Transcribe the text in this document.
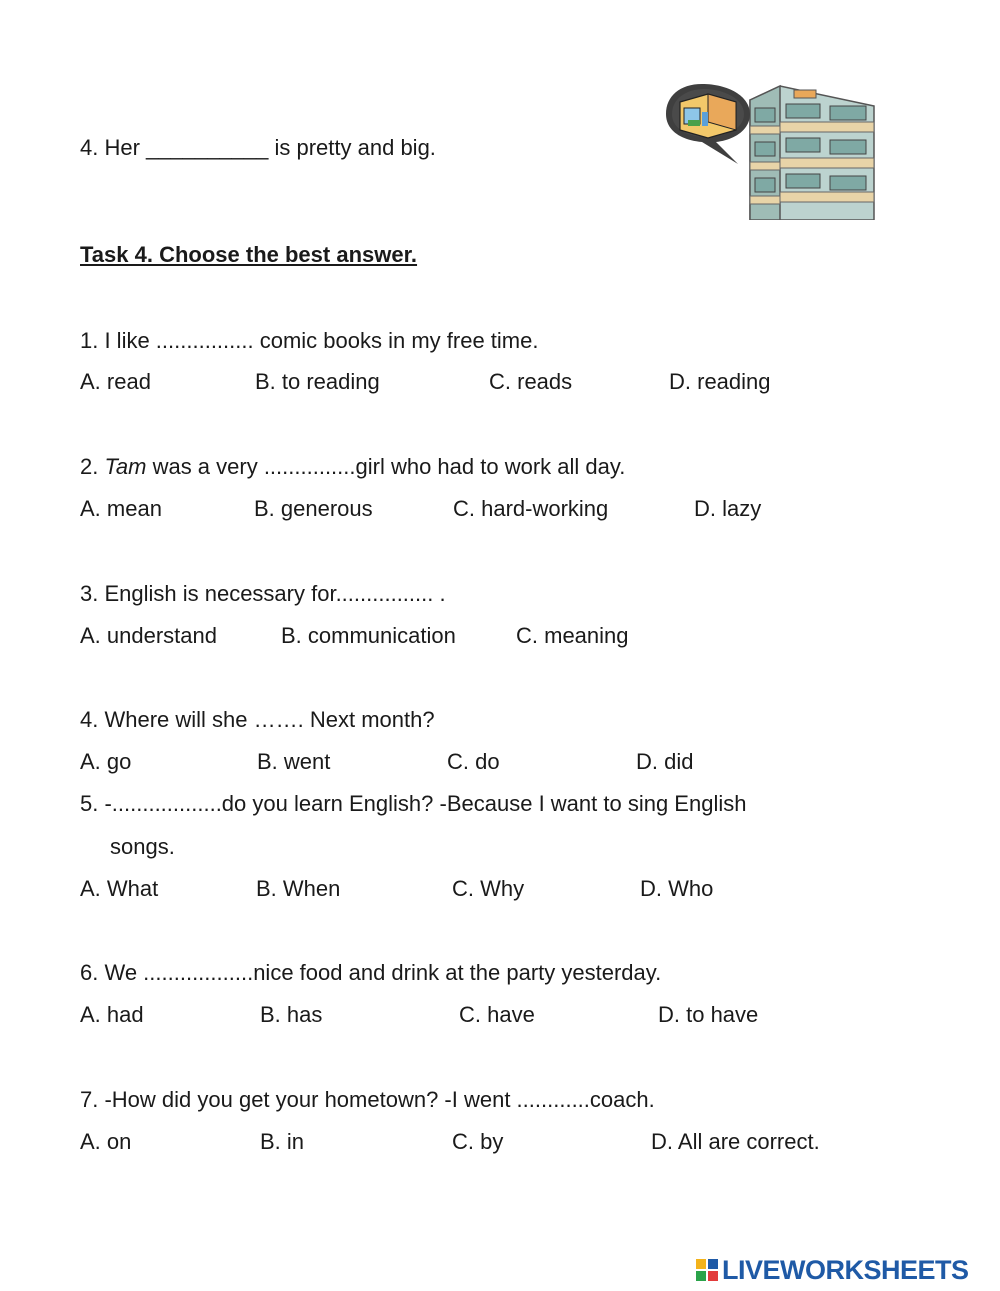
4. Her __________ is pretty and big.
Task 4. Choose the best answer.
1. I like ................ comic books in my free time.
A. read	B. to reading	C. reads	D. reading
2. Tam was a very ...............girl who had to work all day.
A. mean	B. generous	C. hard-working	D. lazy
3. English is necessary for................ .
A. understand	B. communication	C. meaning
4. Where will she ……. Next month?
A. go	B. went	C. do	D. did
5. -..................do you learn English? -Because I want to sing English
songs.
A. What	B. When	C. Why	D. Who
6. We ..................nice food and drink at the party yesterday.
A. had	B. has	C. have	D. to have
7. -How did you get your hometown? -I went ............coach.
A. on	B. in	C. by	D. All are correct.
LIVEWORKSHEETS
